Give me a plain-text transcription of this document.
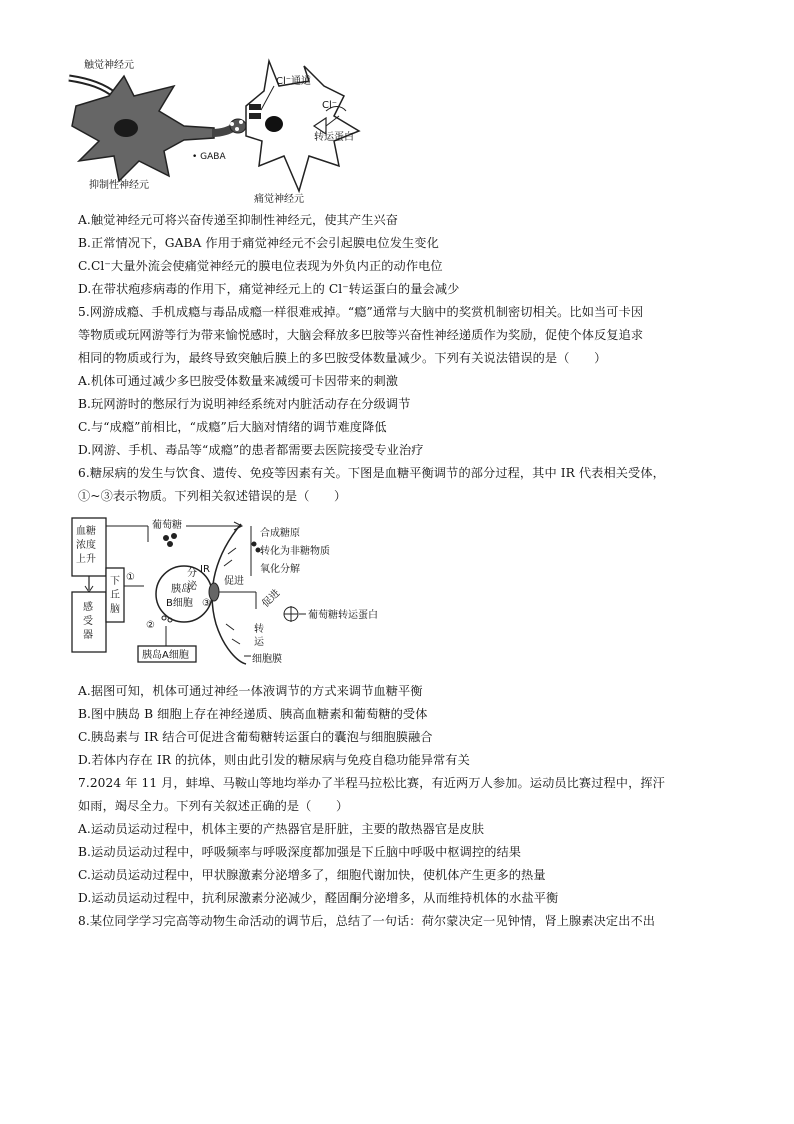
触觉神经元
抑制性神经元
痛觉神经元
Cl⁻通道
Cl⁻
转运蛋白
• GABA
A.触觉神经元可将兴奋传递至抑制性神经元，使其产生兴奋
B.正常情况下，GABA 作用于痛觉神经元不会引起膜电位发生变化
C.Cl⁻大量外流会使痛觉神经元的膜电位表现为外负内正的动作电位
D.在带状疱疹病毒的作用下，痛觉神经元上的 Cl⁻转运蛋白的量会减少
5.网游成瘾、手机成瘾与毒品成瘾一样很难戒掉。“瘾”通常与大脑中的奖赏机制密切相关。比如当可卡因
等物质或玩网游等行为带来愉悦感时，大脑会释放多巴胺等兴奋性神经递质作为奖励，促使个体反复追求
相同的物质或行为，最终导致突触后膜上的多巴胺受体数量减少。下列有关说法错误的是（　　）
A.机体可通过减少多巴胺受体数量来减缓可卡因带来的刺激
B.玩网游时的憋尿行为说明神经系统对内脏活动存在分级调节
C.与“成瘾”前相比，“成瘾”后大脑对情绪的调节难度降低
D.网游、手机、毒品等“成瘾”的患者都需要去医院接受专业治疗
6.糖尿病的发生与饮食、遗传、免疫等因素有关。下图是血糖平衡调节的部分过程，其中 IR 代表相关受体，
①~③表示物质。下列相关叙述错误的是（　　）
血糖
浓度
上升
感
受
器
下
丘
脑
①
葡萄糖
胰岛
B细胞
胰岛A细胞
②
分
泌
③
IR
促进
合成糖原
转化为非糖物质
氧化分解
促进
葡萄糖转运蛋白
转
运
细胞膜
A.据图可知，机体可通过神经一体液调节的方式来调节血糖平衡
B.图中胰岛 B 细胞上存在神经递质、胰高血糖素和葡萄糖的受体
C.胰岛素与 IR 结合可促进含葡萄糖转运蛋白的囊泡与细胞膜融合
D.若体内存在 IR 的抗体，则由此引发的糖尿病与免疫自稳功能异常有关
7.2024 年 11 月，蚌埠、马鞍山等地均举办了半程马拉松比赛，有近两万人参加。运动员比赛过程中，挥汗
如雨，竭尽全力。下列有关叙述正确的是（　　）
A.运动员运动过程中，机体主要的产热器官是肝脏，主要的散热器官是皮肤
B.运动员运动过程中，呼吸频率与呼吸深度都加强是下丘脑中呼吸中枢调控的结果
C.运动员运动过程中，甲状腺激素分泌增多了，细胞代谢加快，使机体产生更多的热量
D.运动员运动过程中，抗利尿激素分泌减少，醛固酮分泌增多，从而维持机体的水盐平衡
8.某位同学学习完高等动物生命活动的调节后，总结了一句话：荷尔蒙决定一见钟情，肾上腺素决定出不出
